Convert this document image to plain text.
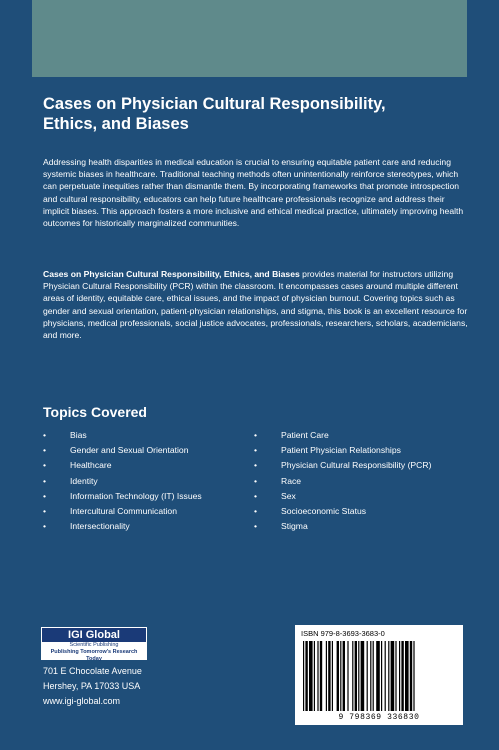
Cases on Physician Cultural Responsibility,
Ethics, and Biases

Addressing health disparities in medical education is crucial to ensuring equitable patient care and reducing systemic biases in healthcare. Traditional teaching methods often unintentionally reinforce stereotypes, which can perpetuate inequities rather than dismantle them. By incorporating frameworks that promote introspection and cultural responsibility, educators can help future healthcare professionals recognize and address their implicit biases. This approach fosters a more inclusive and ethical medical practice, ultimately improving health outcomes for historically marginalized communities.

Cases on Physician Cultural Responsibility, Ethics, and Biases provides material for instructors utilizing Physician Cultural Responsibility (PCR) within the classroom. It encompasses cases around multiple different areas of identity, equitable care, ethical issues, and the impact of physician burnout. Covering topics such as gender and sexual orientation, patient-physician relationships, and stigma, this book is an excellent resource for physicians, medical professionals, social justice advocates, professionals, researchers, scholars, academicians, and more.

Topics Covered
•	Bias
•	Gender and Sexual Orientation
•	Healthcare
•	Identity
•	Information Technology (IT) Issues
•	Intercultural Communication
•	Intersectionality
•	Patient Care
•	Patient Physician Relationships
•	Physician Cultural Responsibility (PCR)
•	Race
•	Sex
•	Socioeconomic Status
•	Stigma
IGI Global
Scientific Publishing
Publishing Tomorrow's Research Today
701 E Chocolate Avenue
Hershey, PA 17033 USA
www.igi-global.com
ISBN 979-8-3693-3683-0
9 798369 336830
